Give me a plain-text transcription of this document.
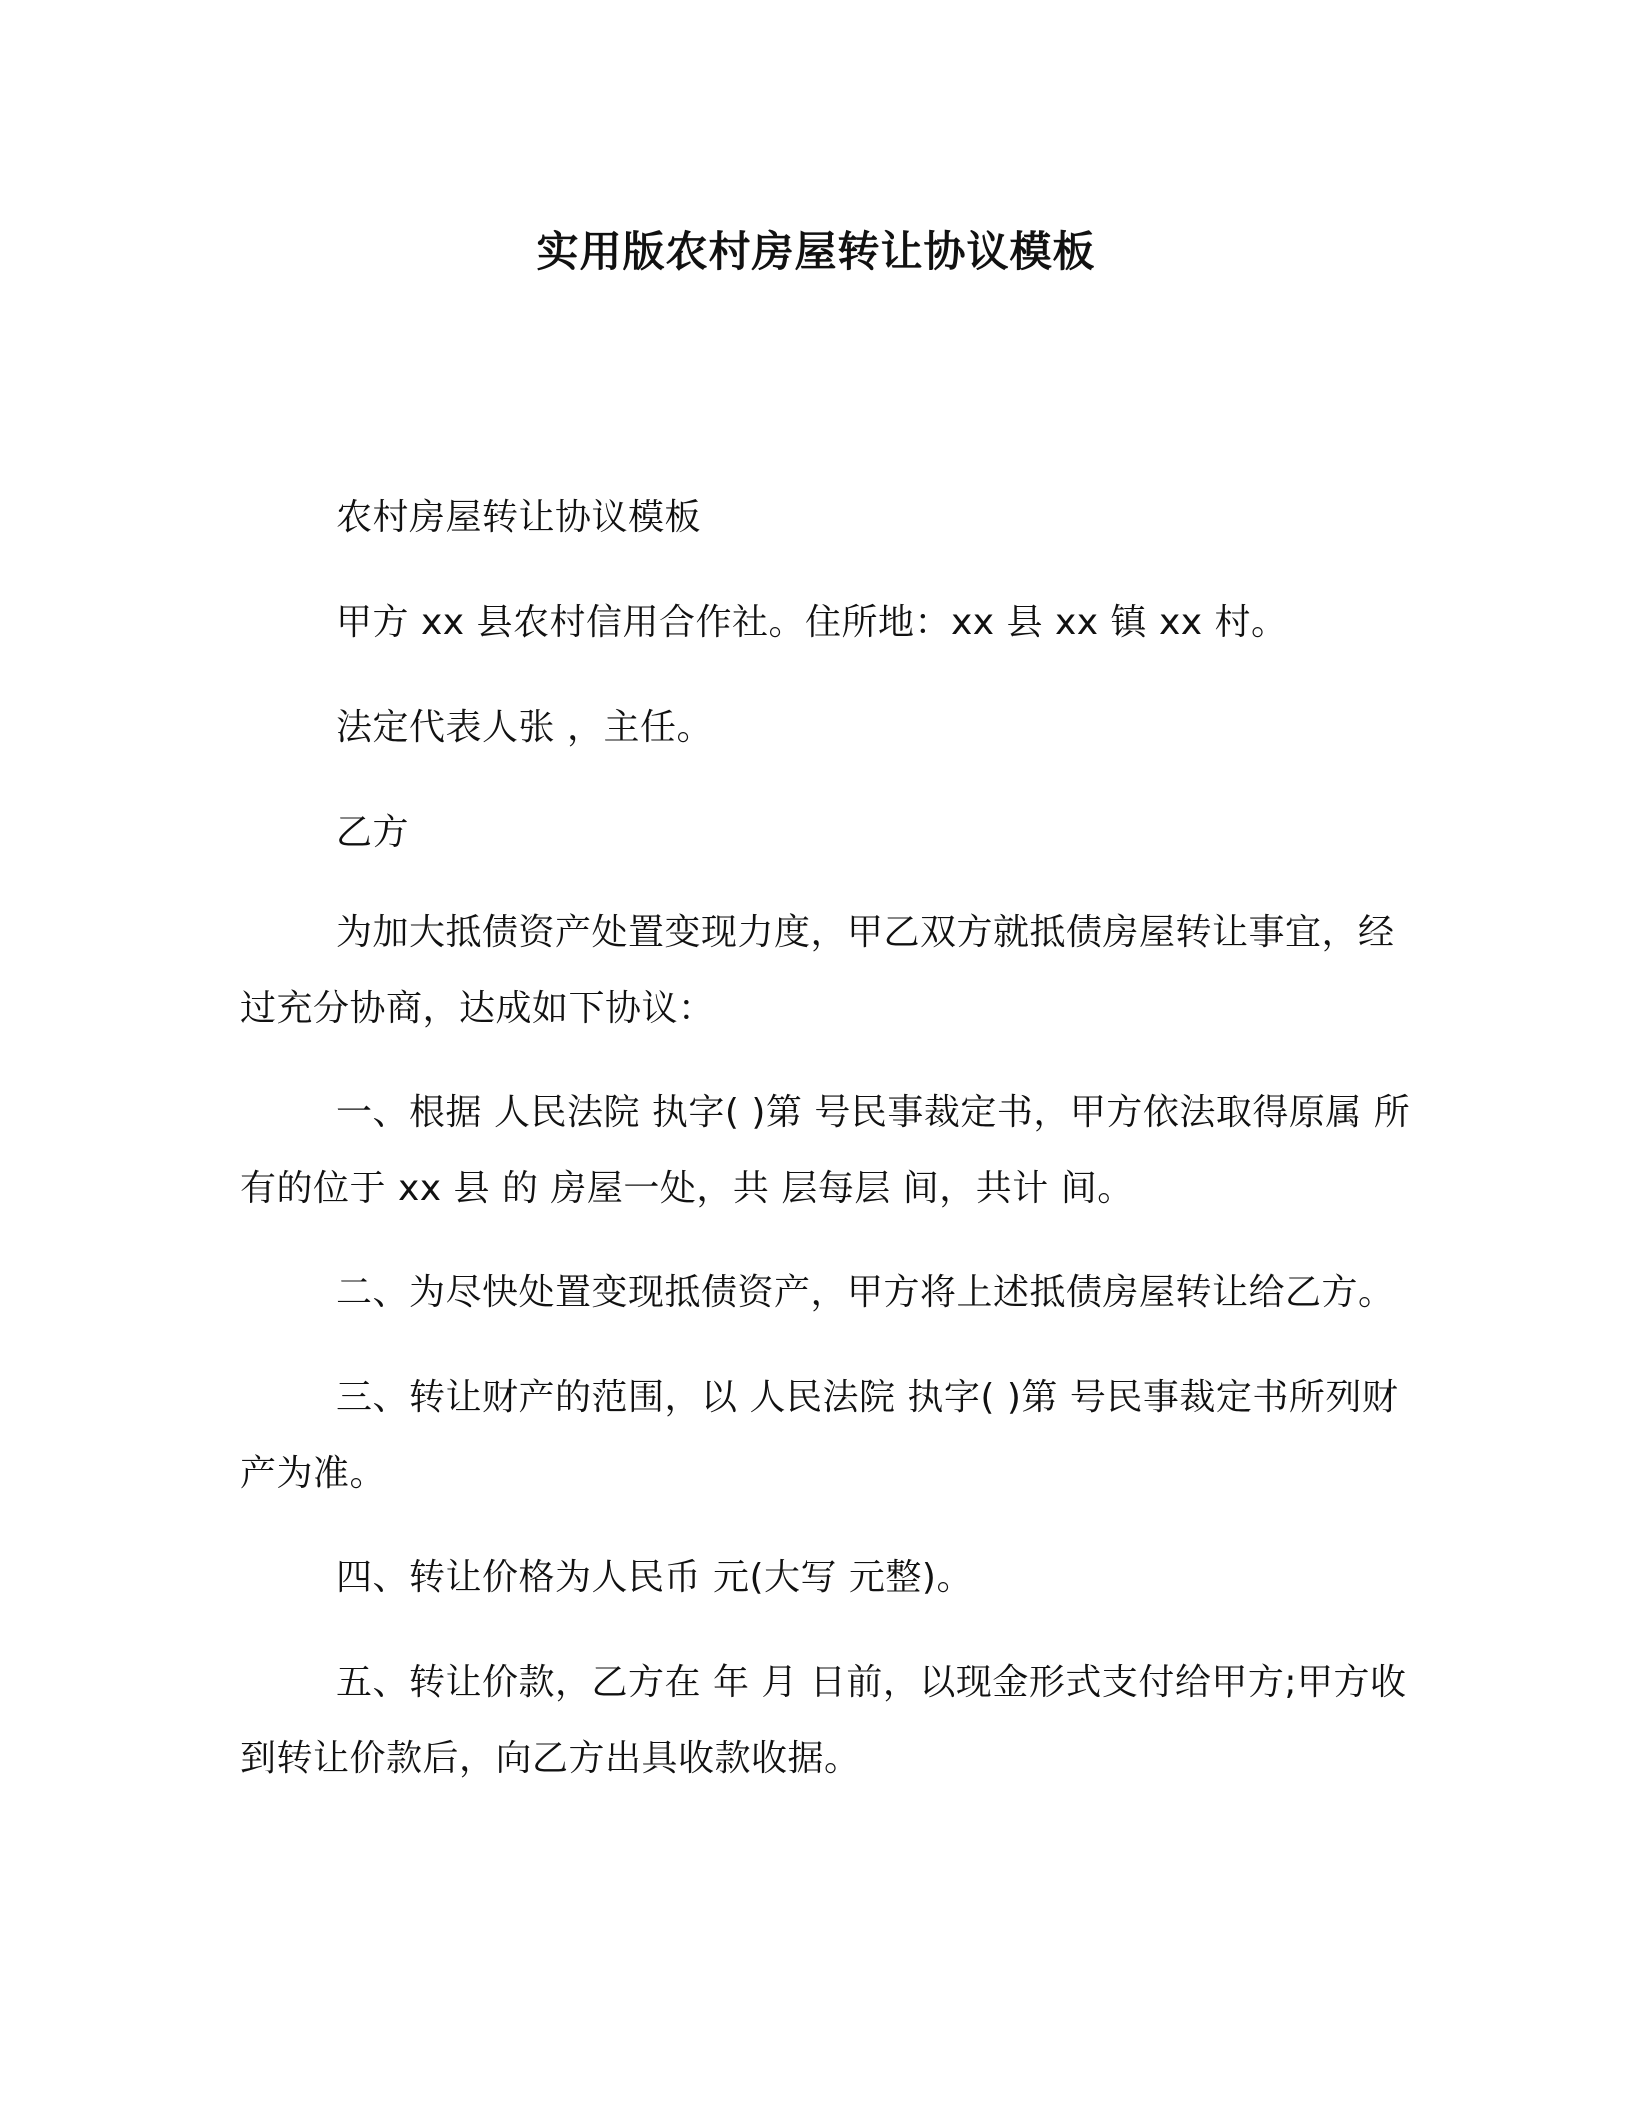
实用版农村房屋转让协议模板
农村房屋转让协议模板
甲方 xx 县农村信用合作社。住所地：xx 县 xx 镇 xx 村。
法定代表人张 ，主任。
乙方
为加大抵债资产处置变现力度，甲乙双方就抵债房屋转让事宜，经过充分协商，达成如下协议：
一、根据 人民法院 执字( )第 号民事裁定书，甲方依法取得原属 所有的位于 xx 县 的 房屋一处，共 层每层 间，共计 间。
二、为尽快处置变现抵债资产，甲方将上述抵债房屋转让给乙方。
三、转让财产的范围，以 人民法院 执字( )第 号民事裁定书所列财产为准。
四、转让价格为人民币 元(大写 元整)。
五、转让价款，乙方在 年 月 日前，以现金形式支付给甲方;甲方收到转让价款后，向乙方出具收款收据。
